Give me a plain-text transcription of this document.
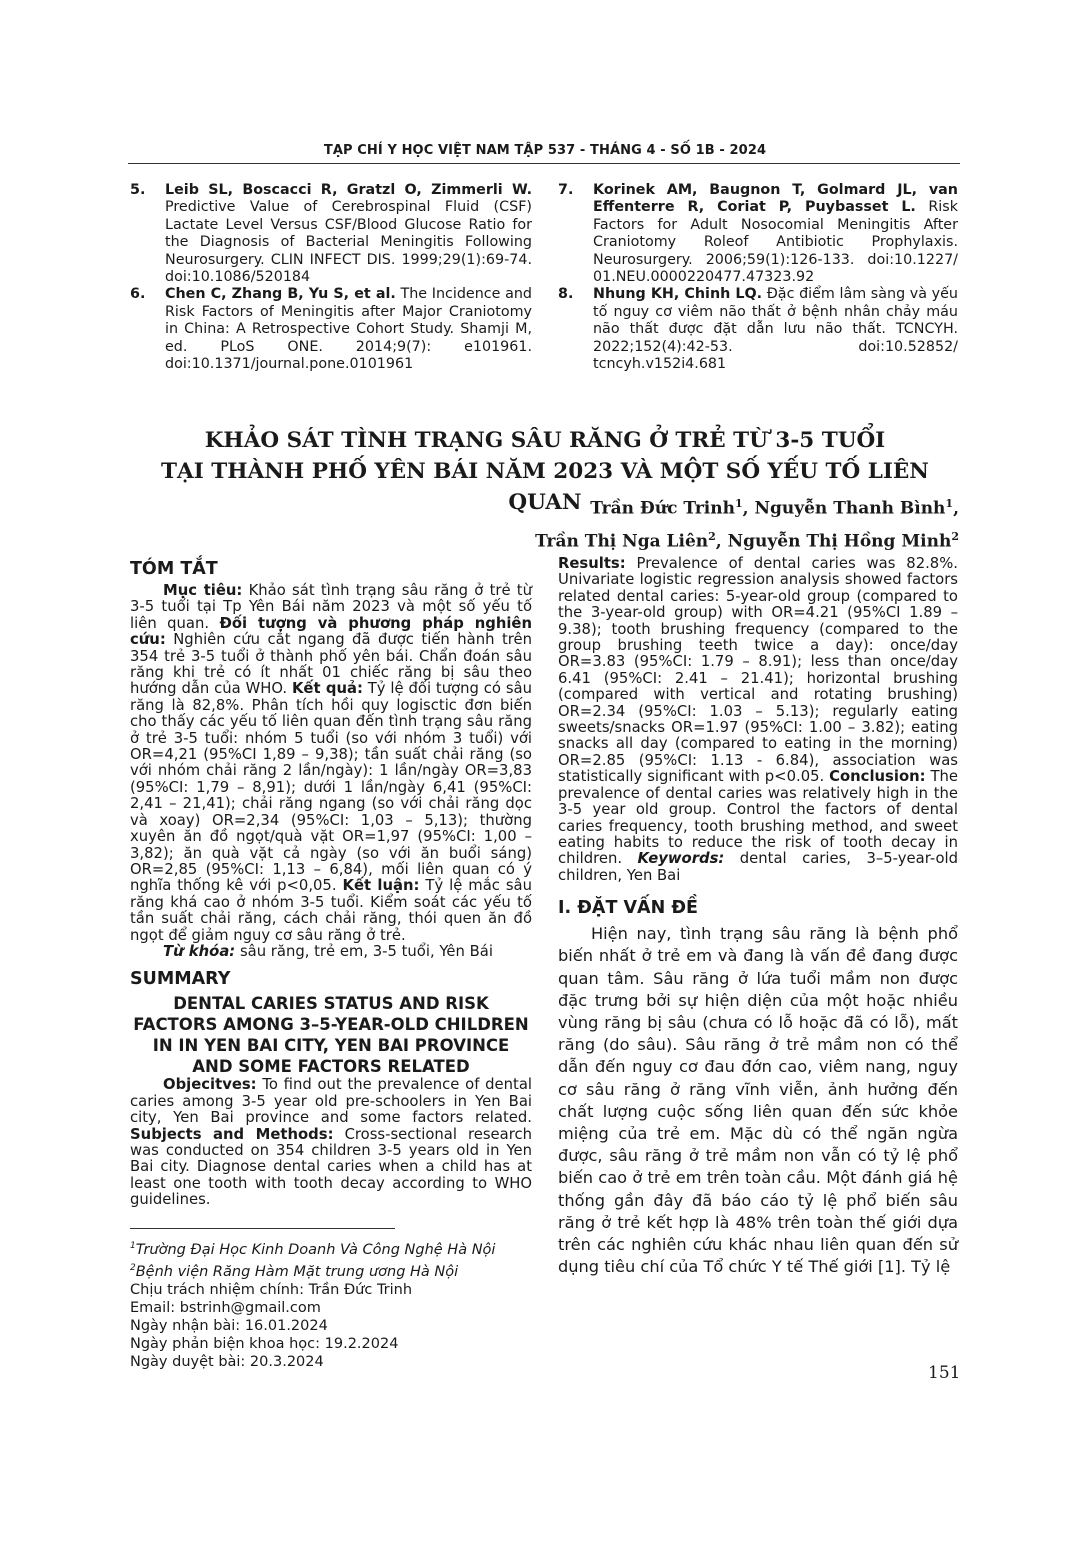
TẠP CHÍ Y HỌC VIỆT NAM TẬP 537 - THÁNG 4 - SỐ 1B - 2024
5.	Leib SL, Boscacci R, Gratzl O, Zimmerli W. Predictive Value of Cerebrospinal Fluid (CSF) Lactate Level Versus CSF/Blood Glucose Ratio for the Diagnosis of Bacterial Meningitis Following Neurosurgery. CLIN INFECT DIS. 1999;29(1):69-74. doi:10.1086/520184
6.	Chen C, Zhang B, Yu S, et al. The Incidence and Risk Factors of Meningitis after Major Craniotomy in China: A Retrospective Cohort Study. Shamji M, ed. PLoS ONE. 2014;9(7): e101961. doi:10.1371/journal.pone.0101961
7.	Korinek AM, Baugnon T, Golmard JL, van Effenterre R, Coriat P, Puybasset L. Risk Factors for Adult Nosocomial Meningitis After Craniotomy Roleof Antibiotic Prophylaxis. Neurosurgery. 2006;59(1):126-133. doi:10.1227/ 01.NEU.0000220477.47323.92
8.	Nhung KH, Chinh LQ. Đặc điểm lâm sàng và yếu tố nguy cơ viêm não thất ở bệnh nhân chảy máu não thất được đặt dẫn lưu não thất. TCNCYH. 2022;152(4):42-53. doi:10.52852/ tcncyh.v152i4.681
KHẢO SÁT TÌNH TRẠNG SÂU RĂNG Ở TRẺ TỪ 3-5 TUỔI
TẠI THÀNH PHỐ YÊN BÁI NĂM 2023 VÀ MỘT SỐ YẾU TỐ LIÊN QUAN Trần Đức Trinh$^1$, Nguyễn Thanh Bình$^1$,
Trần Thị Nga Liên$^2$, Nguyễn Thị Hồng Minh$^2$
TÓM TẮT
Mục tiêu: Khảo sát tình trạng sâu răng ở trẻ từ 3-5 tuổi tại Tp Yên Bái năm 2023 và một số yếu tố liên quan. Đối tượng và phương pháp nghiên cứu: Nghiên cứu cắt ngang đã được tiến hành trên 354 trẻ 3-5 tuổi ở thành phố yên bái. Chẩn đoán sâu răng khi trẻ có ít nhất 01 chiếc răng bị sâu theo hướng dẫn của WHO. Kết quả: Tỷ lệ đối tượng có sâu răng là 82,8%. Phân tích hồi quy logisctic đơn biến cho thấy các yếu tố liên quan đến tình trạng sâu răng ở trẻ 3-5 tuổi: nhóm 5 tuổi (so với nhóm 3 tuổi) với OR=4,21 (95%CI 1,89 – 9,38); tần suất chải răng (so với nhóm chải răng 2 lần/ngày): 1 lần/ngày OR=3,83 (95%CI: 1,79 – 8,91); dưới 1 lần/ngày 6,41 (95%CI: 2,41 – 21,41); chải răng ngang (so với chải răng dọc và xoay) OR=2,34 (95%CI: 1,03 – 5,13); thường xuyên ăn đồ ngọt/quà vặt OR=1,97 (95%CI: 1,00 – 3,82); ăn quà vặt cả ngày (so với ăn buổi sáng) OR=2,85 (95%CI: 1,13 – 6,84), mối liên quan có ý nghĩa thống kê với p<0,05. Kết luận: Tỷ lệ mắc sâu răng khá cao ở nhóm 3-5 tuổi. Kiểm soát các yếu tố tần suất chải răng, cách chải răng, thói quen ăn đồ ngọt để giảm nguy cơ sâu răng ở trẻ.
Từ khóa: sâu răng, trẻ em, 3-5 tuổi, Yên Bái
SUMMARY
DENTAL CARIES STATUS AND RISK FACTORS AMONG 3–5-YEAR-OLD CHILDREN IN IN YEN BAI CITY, YEN BAI PROVINCE AND SOME FACTORS RELATED
Objecitves: To find out the prevalence of dental caries among 3-5 year old pre-schoolers in Yen Bai city, Yen Bai province and some factors related. Subjects and Methods: Cross-sectional research was conducted on 354 children 3-5 years old in Yen Bai city. Diagnose dental caries when a child has at least one tooth with tooth decay according to WHO guidelines.
$^1$Trường Đại Học Kinh Doanh Và Công Nghệ Hà Nội
$^2$Bệnh viện Răng Hàm Mặt trung ương Hà Nội
Chịu trách nhiệm chính: Trần Đức Trinh
Email: bstrinh@gmail.com
Ngày nhận bài: 16.01.2024
Ngày phản biện khoa học: 19.2.2024
Ngày duyệt bài: 20.3.2024
Results: Prevalence of dental caries was 82.8%. Univariate logistic regression analysis showed factors related dental caries: 5-year-old group (compared to the 3-year-old group) with OR=4.21 (95%CI 1.89 – 9.38); tooth brushing frequency (compared to the group brushing teeth twice a day): once/day OR=3.83 (95%CI: 1.79 – 8.91); less than once/day 6.41 (95%CI: 2.41 – 21.41); horizontal brushing (compared with vertical and rotating brushing) OR=2.34 (95%CI: 1.03 – 5.13); regularly eating sweets/snacks OR=1.97 (95%CI: 1.00 – 3.82); eating snacks all day (compared to eating in the morning) OR=2.85 (95%CI: 1.13 - 6.84), association was statistically significant with p<0.05. Conclusion: The prevalence of dental caries was relatively high in the 3-5 year old group. Control the factors of dental caries frequency, tooth brushing method, and sweet eating habits to reduce the risk of tooth decay in children. Keywords: dental caries, 3–5-year-old children, Yen Bai
I. ĐẶT VẤN ĐỀ
Hiện nay, tình trạng sâu răng là bệnh phổ biến nhất ở trẻ em và đang là vấn đề đang được quan tâm. Sâu răng ở lứa tuổi mầm non được đặc trưng bởi sự hiện diện của một hoặc nhiều vùng răng bị sâu (chưa có lỗ hoặc đã có lỗ), mất răng (do sâu). Sâu răng ở trẻ mầm non có thể dẫn đến nguy cơ đau đớn cao, viêm nang, nguy cơ sâu răng ở răng vĩnh viễn, ảnh hưởng đến chất lượng cuộc sống liên quan đến sức khỏe miệng của trẻ em. Mặc dù có thể ngăn ngừa được, sâu răng ở trẻ mầm non vẫn có tỷ lệ phổ biến cao ở trẻ em trên toàn cầu. Một đánh giá hệ thống gần đây đã báo cáo tỷ lệ phổ biến sâu răng ở trẻ kết hợp là 48% trên toàn thế giới dựa trên các nghiên cứu khác nhau liên quan đến sử dụng tiêu chí của Tổ chức Y tế Thế giới [1]. Tỷ lệ
151
